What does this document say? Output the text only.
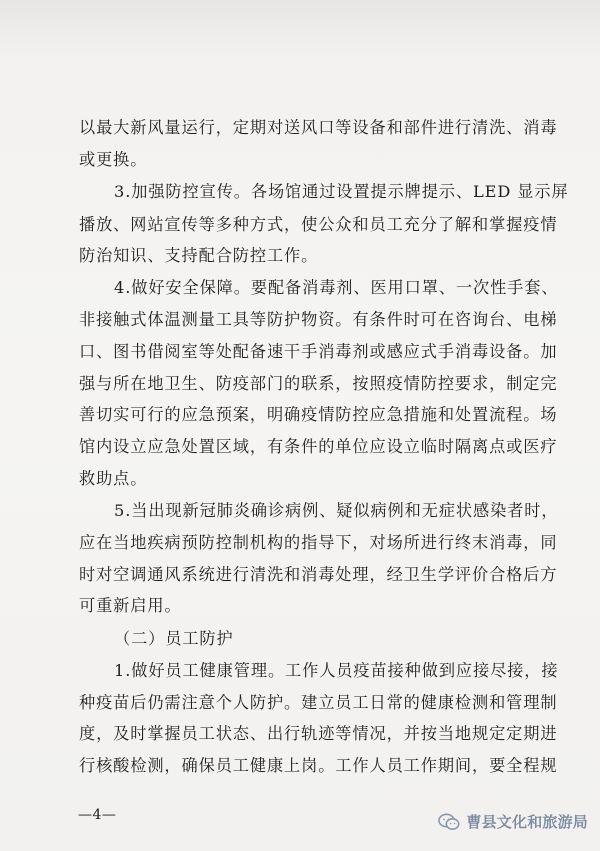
以最大新风量运行，定期对送风口等设备和部件进行清洗、消毒
或更换。
3.加强防控宣传。各场馆通过设置提示牌提示、LED 显示屏
播放、网站宣传等多种方式，使公众和员工充分了解和掌握疫情
防治知识、支持配合防控工作。
4.做好安全保障。要配备消毒剂、医用口罩、一次性手套、
非接触式体温测量工具等防护物资。有条件时可在咨询台、电梯
口、图书借阅室等处配备速干手消毒剂或感应式手消毒设备。加
强与所在地卫生、防疫部门的联系，按照疫情防控要求，制定完
善切实可行的应急预案，明确疫情防控应急措施和处置流程。场
馆内设立应急处置区域，有条件的单位应设立临时隔离点或医疗
救助点。
5.当出现新冠肺炎确诊病例、疑似病例和无症状感染者时，
应在当地疾病预防控制机构的指导下，对场所进行终末消毒，同
时对空调通风系统进行清洗和消毒处理，经卫生学评价合格后方
可重新启用。
（二）员工防护
1.做好员工健康管理。工作人员疫苗接种做到应接尽接，接
种疫苗后仍需注意个人防护。建立员工日常的健康检测和管理制
度，及时掌握员工状态、出行轨迹等情况，并按当地规定定期进
行核酸检测，确保员工健康上岗。工作人员工作期间，要全程规
—4—	曹县文化和旅游局
